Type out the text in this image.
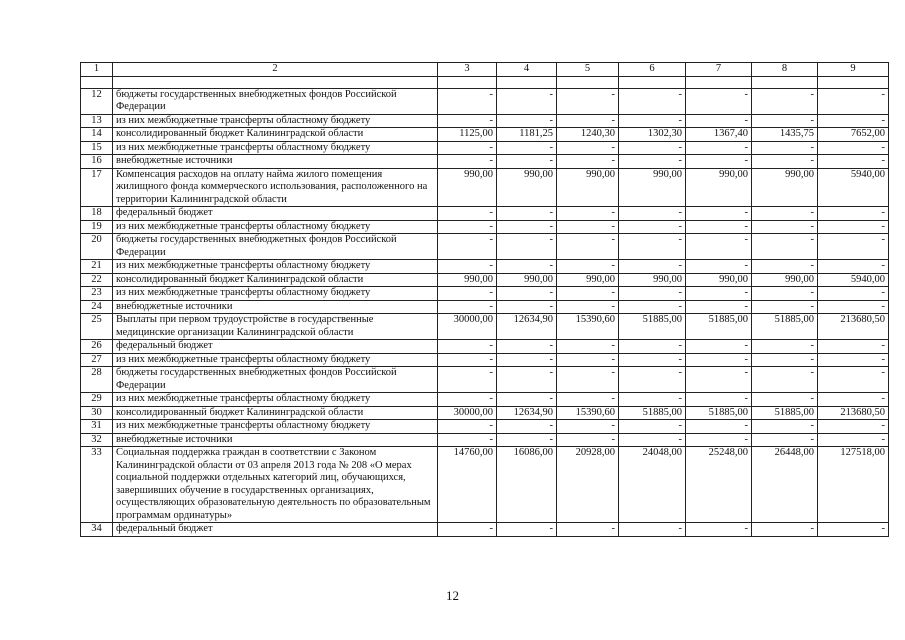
1	2	3	4	5	6	7	8	9

12	бюджеты государственных внебюджетных фондов Российской Федерации	-	-	-	-	-	-	-
13	из них межбюджетные трансферты областному бюджету	-	-	-	-	-	-	-
14	консолидированный бюджет Калининградской области	1125,00	1181,25	1240,30	1302,30	1367,40	1435,75	7652,00
15	из них межбюджетные трансферты областному бюджету	-	-	-	-	-	-	-
16	внебюджетные источники	-	-	-	-	-	-	-
17	Компенсация расходов на оплату найма жилого помещения жилищного фонда коммерческого использования, расположенного на территории Калининградской области	990,00	990,00	990,00	990,00	990,00	990,00	5940,00
18	федеральный бюджет	-	-	-	-	-	-	-
19	из них межбюджетные трансферты областному бюджету	-	-	-	-	-	-	-
20	бюджеты государственных внебюджетных фондов Российской Федерации	-	-	-	-	-	-	-
21	из них межбюджетные трансферты областному бюджету	-	-	-	-	-	-	-
22	консолидированный бюджет Калининградской области	990,00	990,00	990,00	990,00	990,00	990,00	5940,00
23	из них межбюджетные трансферты областному бюджету	-	-	-	-	-	-	-
24	внебюджетные источники	-	-	-	-	-	-	-
25	Выплаты при первом трудоустройстве в государственные медицинские организации Калининградской области	30000,00	12634,90	15390,60	51885,00	51885,00	51885,00	213680,50
26	федеральный бюджет	-	-	-	-	-	-	-
27	из них межбюджетные трансферты областному бюджету	-	-	-	-	-	-	-
28	бюджеты государственных внебюджетных фондов Российской Федерации	-	-	-	-	-	-	-
29	из них межбюджетные трансферты областному бюджету	-	-	-	-	-	-	-
30	консолидированный бюджет Калининградской области	30000,00	12634,90	15390,60	51885,00	51885,00	51885,00	213680,50
31	из них межбюджетные трансферты областному бюджету	-	-	-	-	-	-	-
32	внебюджетные источники	-	-	-	-	-	-	-
33	Социальная поддержка граждан в соответствии с Законом Калининградской области от 03 апреля 2013 года № 208 «О мерах социальной поддержки отдельных категорий лиц, обучающихся, завершивших обучение в государственных организациях, осуществляющих образовательную деятельность по образовательным программам ординатуры»	14760,00	16086,00	20928,00	24048,00	25248,00	26448,00	127518,00
34	федеральный бюджет	-	-	-	-	-	-	-
12
